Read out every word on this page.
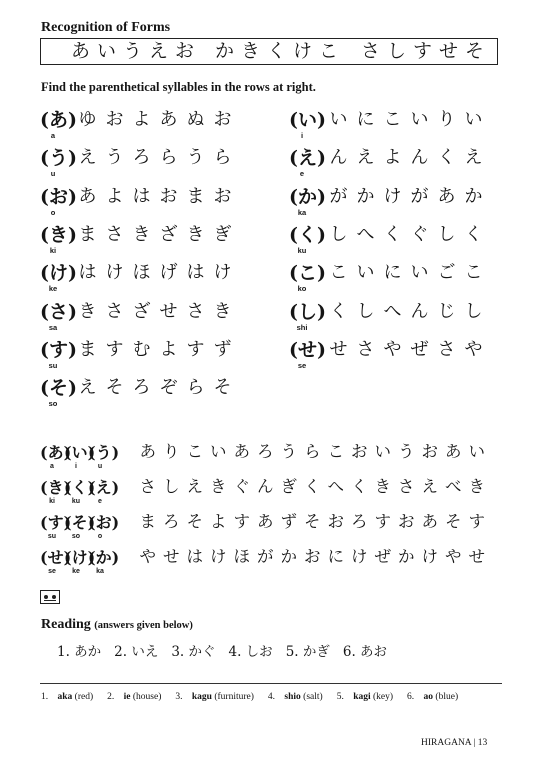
Recognition of Forms
あいうえお かきくけこ さしすせそ
Find the parenthetical syllables in the rows at right.
(あ)
a
ゆ お よ あ ぬ お
(う)
u
え う ろ ら う ら
(お)
o
あ よ は お ま お
(き)
ki
ま さ き ざ き ぎ
(け)
ke
は け ほ げ は け
(さ)
sa
き さ ざ せ さ き
(す)
su
ま す む よ す ず
(そ)
so
え そ ろ ぞ ら そ
(い)
i
い に こ い り い
(え)
e
ん え よ ん く え
(か)
ka
が か け が あ か
(く)
ku
し へ く ぐ し く
(こ)
ko
こ い に い ご こ
(し)
shi
く し へ ん じ し
(せ)
se
せ さ や ぜ さ や
(あ)
a
(い)
i
(う)
u
あ り こ い あ ろ う ら こ お い う お あ い
(き)
ki
(く)
ku
(え)
e
さ し え き ぐ ん ぎ く へ く き さ え べ き
(す)
su
(そ)
so
(お)
o
ま ろ そ よ す あ ず そ お ろ す お あ そ す
(せ)
se
(け)
ke
(か)
ka
や せ は け ほ が か お に け ぜ か け や せ
Reading (answers given below)
1. あか 2. いえ 3. かぐ 4. しお 5. かぎ 6. あお
1. aka (red) 2. ie (house) 3. kagu (furniture) 4. shio (salt) 5. kagi (key) 6. ao (blue)
HIRAGANA | 13
